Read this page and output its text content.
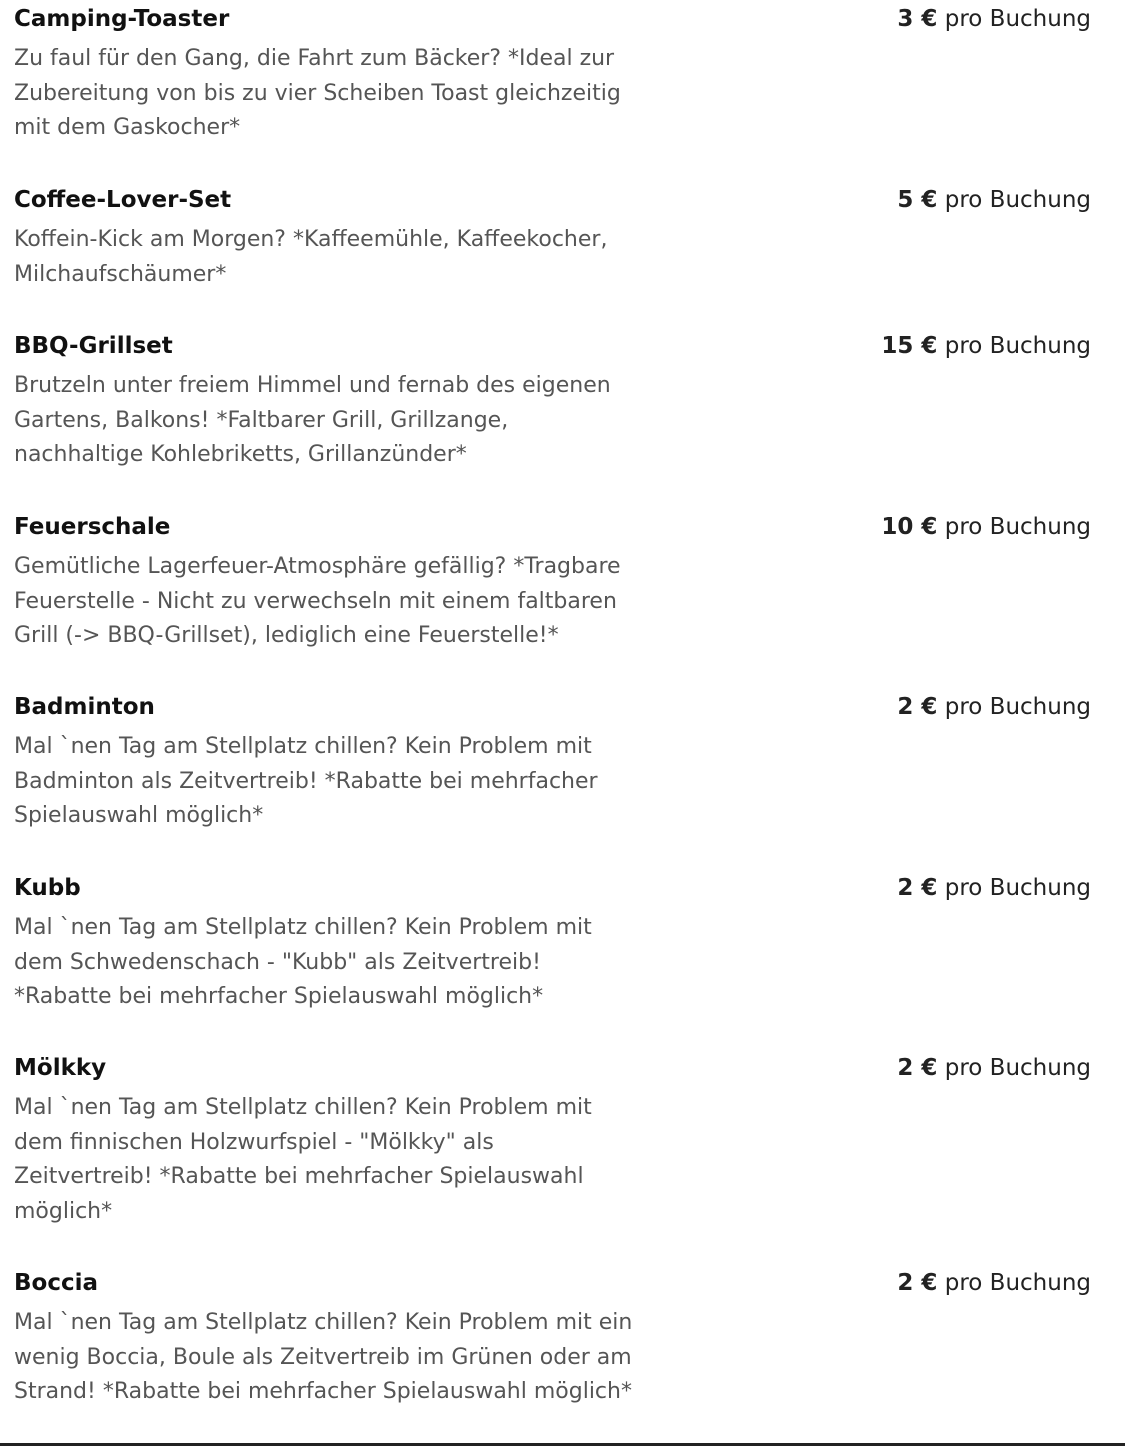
Camping-Toaster	3 € pro Buchung
Zu faul für den Gang, die Fahrt zum Bäcker? *Ideal zur Zubereitung von bis zu vier Scheiben Toast gleichzeitig mit dem Gaskocher*
Coffee-Lover-Set	5 € pro Buchung
Koffein-Kick am Morgen? *Kaffeemühle, Kaffeekocher, Milchaufschäumer*
BBQ-Grillset	15 € pro Buchung
Brutzeln unter freiem Himmel und fernab des eigenen Gartens, Balkons! *Faltbarer Grill, Grillzange, nachhaltige Kohlebriketts, Grillanzünder*
Feuerschale	10 € pro Buchung
Gemütliche Lagerfeuer-Atmosphäre gefällig? *Tragbare Feuerstelle - Nicht zu verwechseln mit einem faltbaren Grill (-> BBQ-Grillset), lediglich eine Feuerstelle!*
Badminton	2 € pro Buchung
Mal `nen Tag am Stellplatz chillen? Kein Problem mit Badminton als Zeitvertreib! *Rabatte bei mehrfacher Spielauswahl möglich*
Kubb	2 € pro Buchung
Mal `nen Tag am Stellplatz chillen? Kein Problem mit dem Schwedenschach - "Kubb" als Zeitvertreib! *Rabatte bei mehrfacher Spielauswahl möglich*
Mölkky	2 € pro Buchung
Mal `nen Tag am Stellplatz chillen? Kein Problem mit dem finnischen Holzwurfspiel - "Mölkky" als Zeitvertreib! *Rabatte bei mehrfacher Spielauswahl möglich*
Boccia	2 € pro Buchung
Mal `nen Tag am Stellplatz chillen? Kein Problem mit ein wenig Boccia, Boule als Zeitvertreib im Grünen oder am Strand! *Rabatte bei mehrfacher Spielauswahl möglich*
